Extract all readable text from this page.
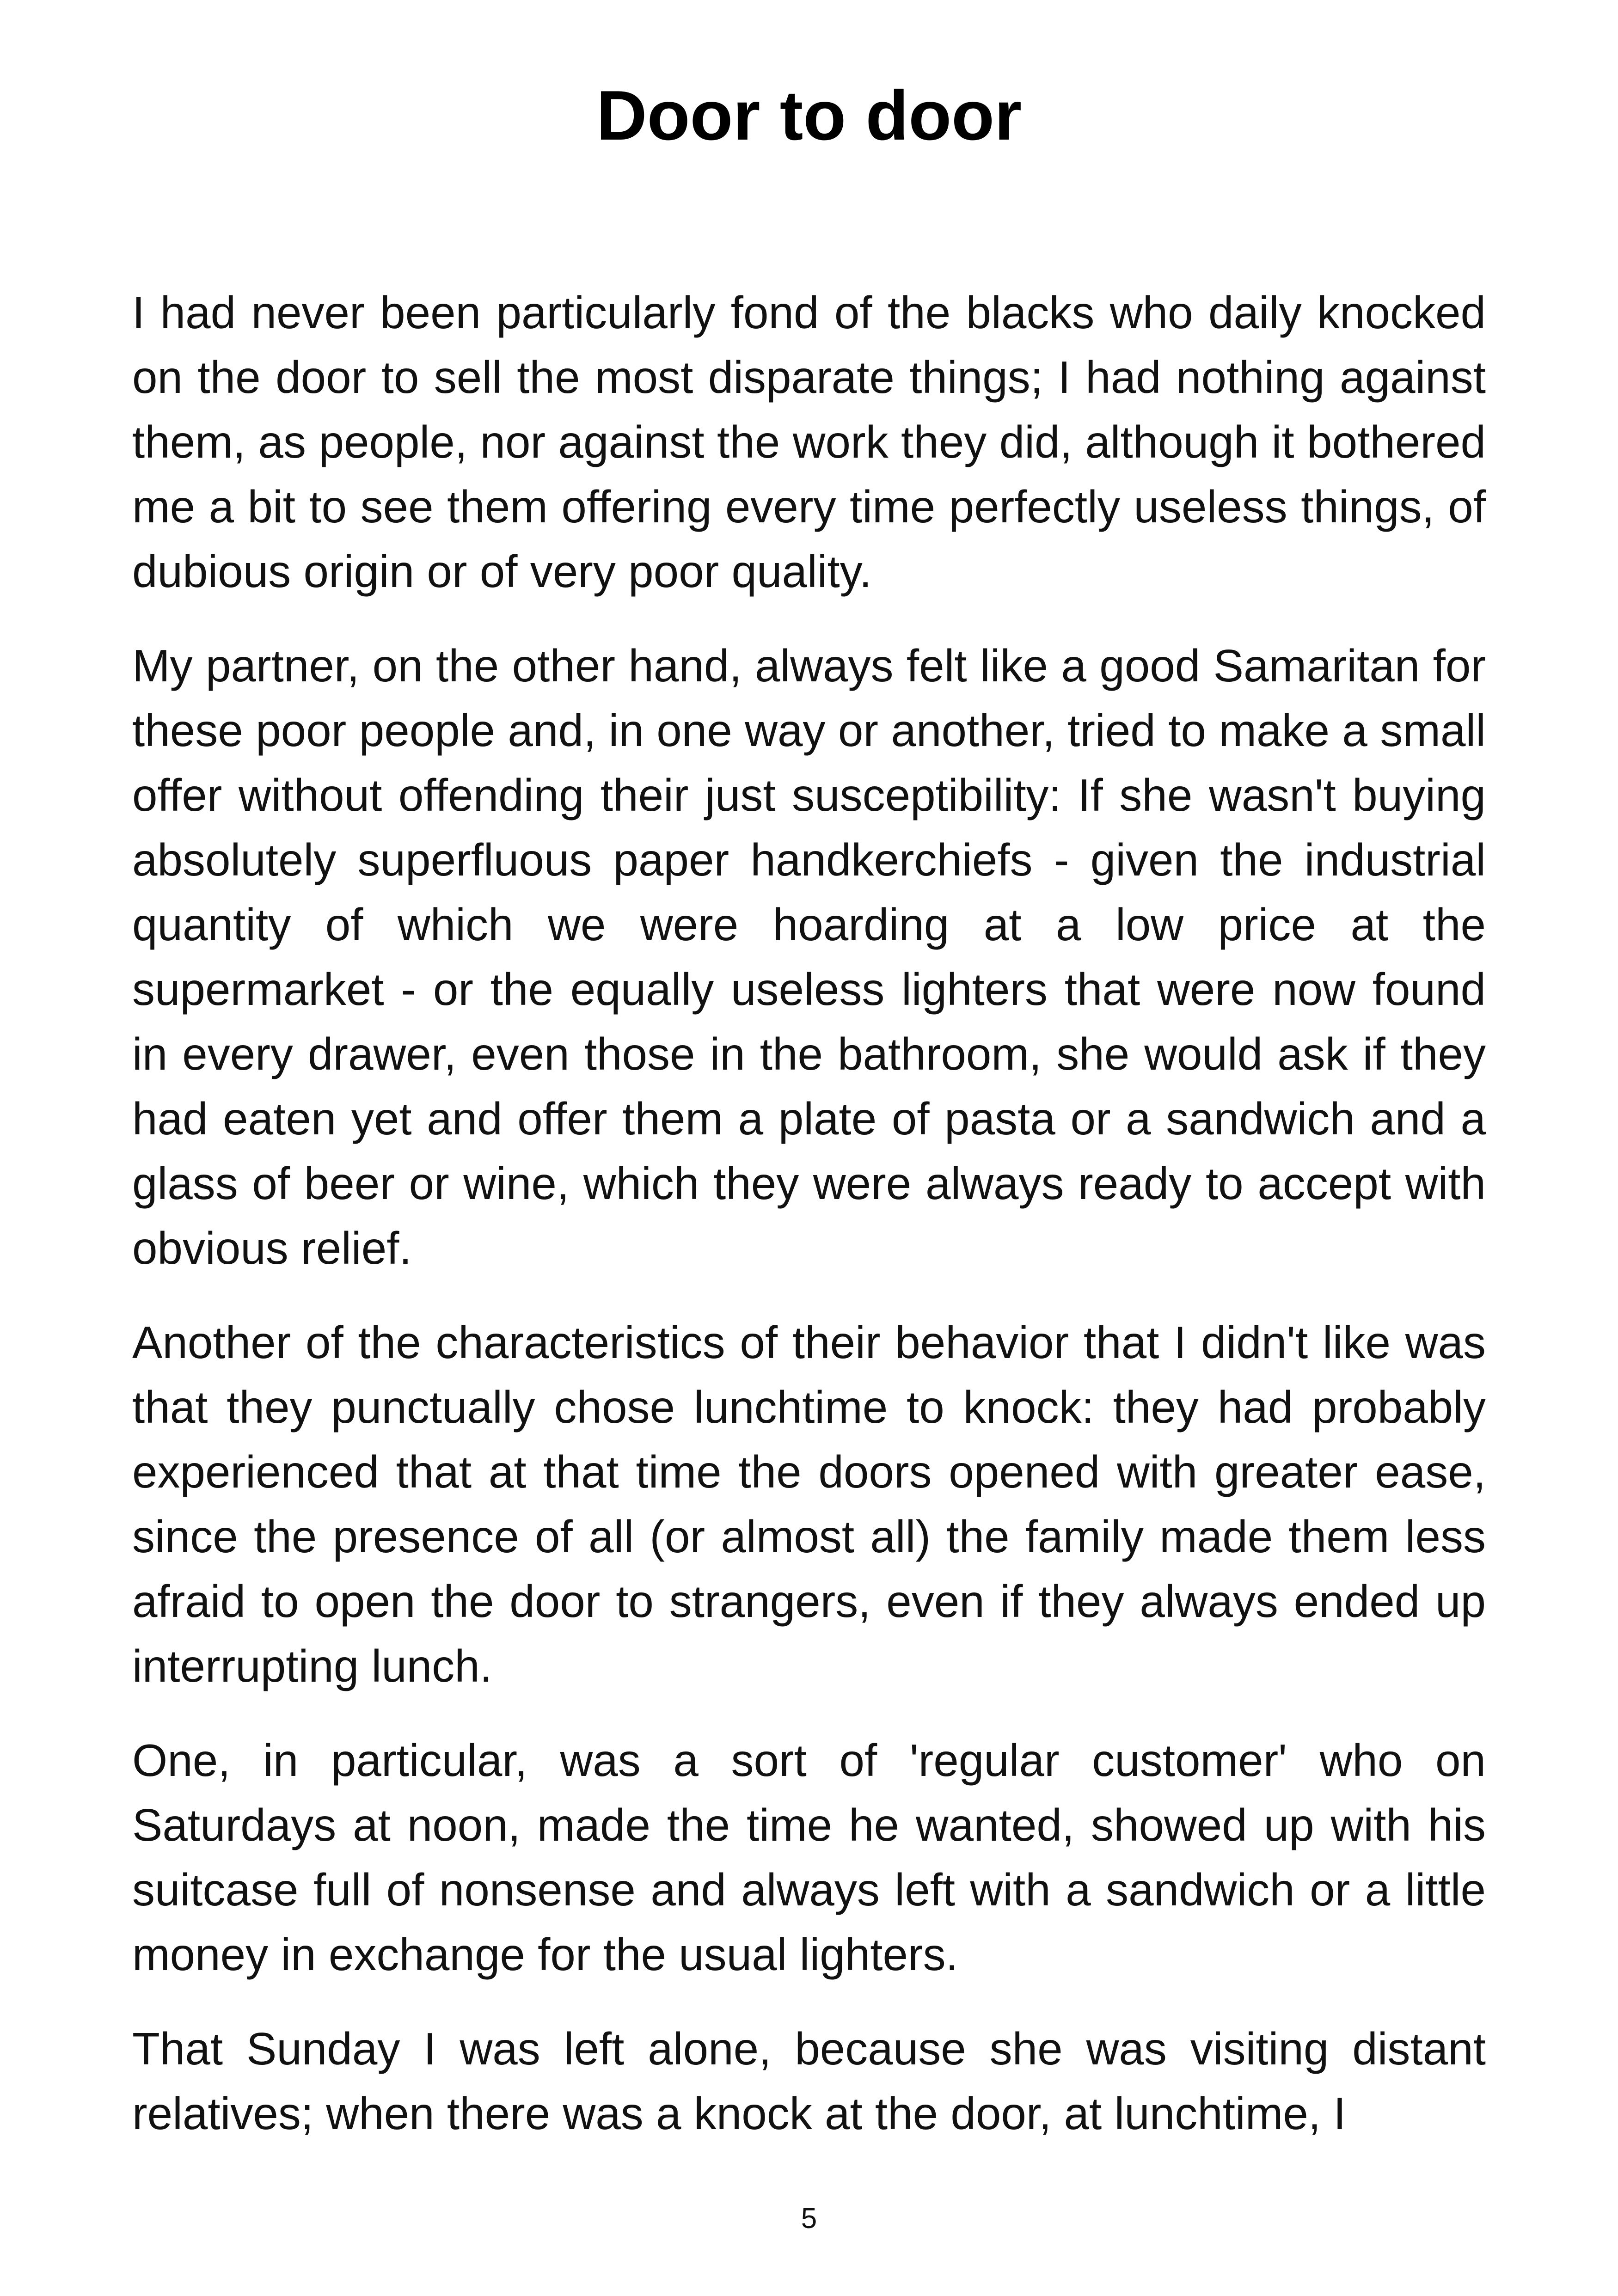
Door to door

I had never been particularly fond of the blacks who daily knocked on the door to sell the most disparate things; I had nothing against them, as people, nor against the work they did, although it bothered me a bit to see them offering every time perfectly useless things, of dubious origin or of very poor quality.

My partner, on the other hand, always felt like a good Samaritan for these poor people and, in one way or another, tried to make a small offer without offending their just susceptibility: If she wasn't buying absolutely superfluous paper handkerchiefs - given the industrial quantity of which we were hoarding at a low price at the supermarket - or the equally useless lighters that were now found in every drawer, even those in the bathroom, she would ask if they had eaten yet and offer them a plate of pasta or a sandwich and a glass of beer or wine, which they were always ready to accept with obvious relief.

Another of the characteristics of their behavior that I didn't like was that they punctually chose lunchtime to knock: they had probably experienced that at that time the doors opened with greater ease, since the presence of all (or almost all) the family made them less afraid to open the door to strangers, even if they always ended up interrupting lunch.

One, in particular, was a sort of 'regular customer' who on Saturdays at noon, made the time he wanted, showed up with his suitcase full of nonsense and always left with a sandwich or a little money in exchange for the usual lighters.

That Sunday I was left alone, because she was visiting distant relatives; when there was a knock at the door, at lunchtime, I

5
